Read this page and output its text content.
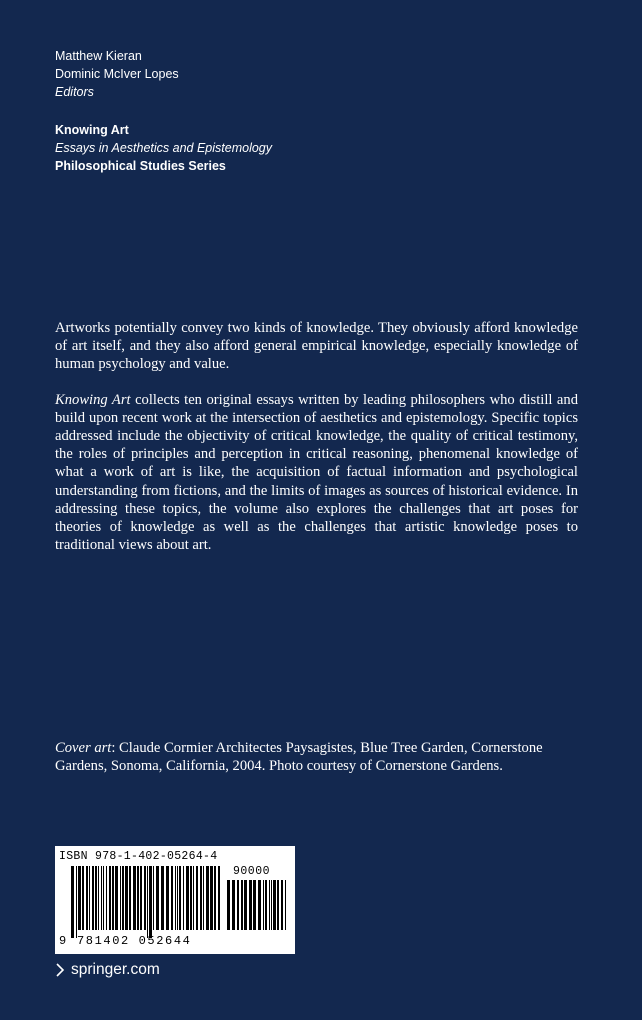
Matthew Kieran
Dominic McIver Lopes
Editors
Knowing Art
Essays in Aesthetics and Epistemology
Philosophical Studies Series

Artworks potentially convey two kinds of knowledge. They obviously afford knowledge of art itself, and they also afford general empirical knowledge, especially knowledge of human psychology and value.

Knowing Art collects ten original essays written by leading philosophers who distill and build upon recent work at the intersection of aesthetics and epistemology. Specific topics addressed include the objectivity of critical knowledge, the quality of critical testimony, the roles of principles and perception in critical reasoning, phenomenal knowledge of what a work of art is like, the acquisition of factual information and psychological understanding from fictions, and the limits of images as sources of historical evidence. In addressing these topics, the volume also explores the challenges that art poses for theories of knowledge as well as the challenges that artistic knowledge poses to traditional views about art.

Cover art: Claude Cormier Architectes Paysagistes, Blue Tree Garden, Cornerstone Gardens, Sonoma, California, 2004. Photo courtesy of Cornerstone Gardens.
ISBN 978-1-402-05264-4
90000
9 781402 052644
springer.com
